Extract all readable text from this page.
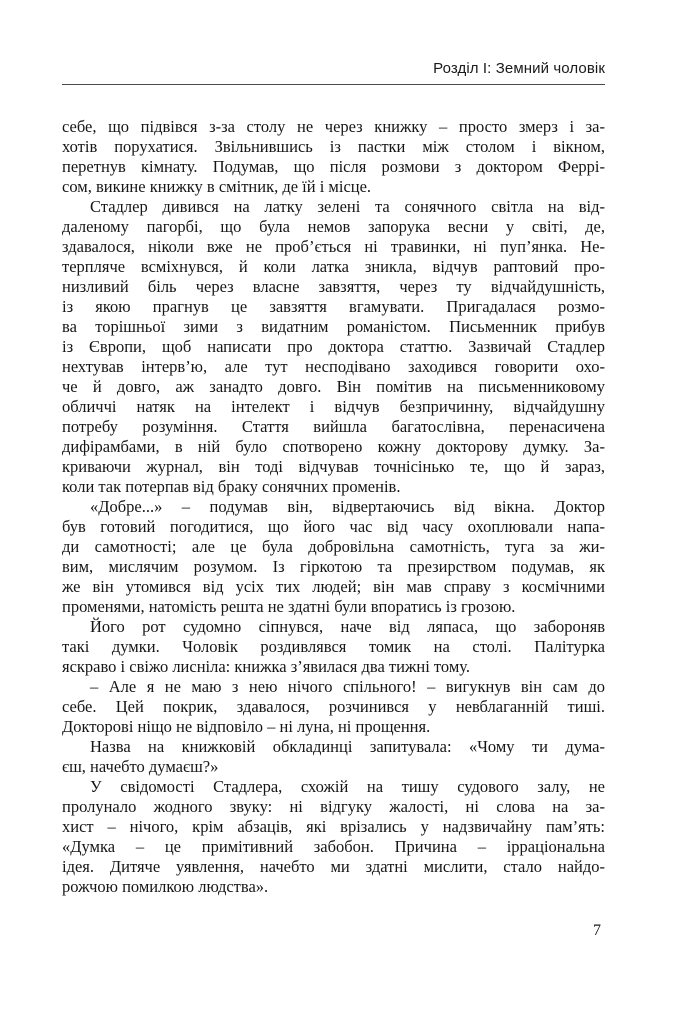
Розділ І: Земний чоловік
себе, що підвівся з-за столу не через книжку – просто змерз і за-
хотів порухатися. Звільнившись із пастки між столом і вікном,
перетнув кімнату. Подумав, що після розмови з доктором Феррі-
сом, викине книжку в смітник, де їй і місце.
Стадлер дивився на латку зелені та сонячного світла на від-
даленому пагорбі, що була немов запорука весни у світі, де,
здавалося, ніколи вже не проб’ється ні травинки, ні пуп’янка. Не-
терпляче всміхнувся, й коли латка зникла, відчув раптовий про-
низливий біль через власне завзяття, через ту відчайдушність,
із якою прагнув це завзяття вгамувати. Пригадалася розмо-
ва торішньої зими з видатним романістом. Письменник прибув
із Європи, щоб написати про доктора статтю. Зазвичай Стадлер
нехтував інтерв’ю, але тут несподівано заходився говорити охо-
че й довго, аж занадто довго. Він помітив на письменниковому
обличчі натяк на інтелект і відчув безпричинну, відчайдушну
потребу розуміння. Стаття вийшла багатослівна, перенасичена
дифірамбами, в ній було спотворено кожну докторову думку. За-
криваючи журнал, він тоді відчував точнісінько те, що й зараз,
коли так потерпав від браку сонячних променів.
«Добре...» – подумав він, відвертаючись від вікна. Доктор
був готовий погодитися, що його час від часу охоплювали напа-
ди самотності; але це була добровільна самотність, туга за жи-
вим, мислячим розумом. Із гіркотою та презирством подумав, як
же він утомився від усіх тих людей; він мав справу з космічними
променями, натомість решта не здатні були впоратись із грозою.
Його рот судомно сіпнувся, наче від ляпаса, що забороняв
такі думки. Чоловік роздивлявся томик на столі. Палітурка
яскраво і свіжо лисніла: книжка з’явилася два тижні тому.
– Але я не маю з нею нічого спільного! – вигукнув він сам до
себе. Цей покрик, здавалося, розчинився у невблаганній тиші.
Докторові ніщо не відповіло – ні луна, ні прощення.
Назва на книжковій обкладинці запитувала: «Чому ти дума-
єш, начебто думаєш?»
У свідомості Стадлера, схожій на тишу судового залу, не
пролунало жодного звуку: ні відгуку жалості, ні слова на за-
хист – нічого, крім абзаців, які врізались у надзвичайну пам’ять:
«Думка – це примітивний забобон. Причина – ірраціональна
ідея. Дитяче уявлення, начебто ми здатні мислити, стало найдо-
рожчою помилкою людства».
7
